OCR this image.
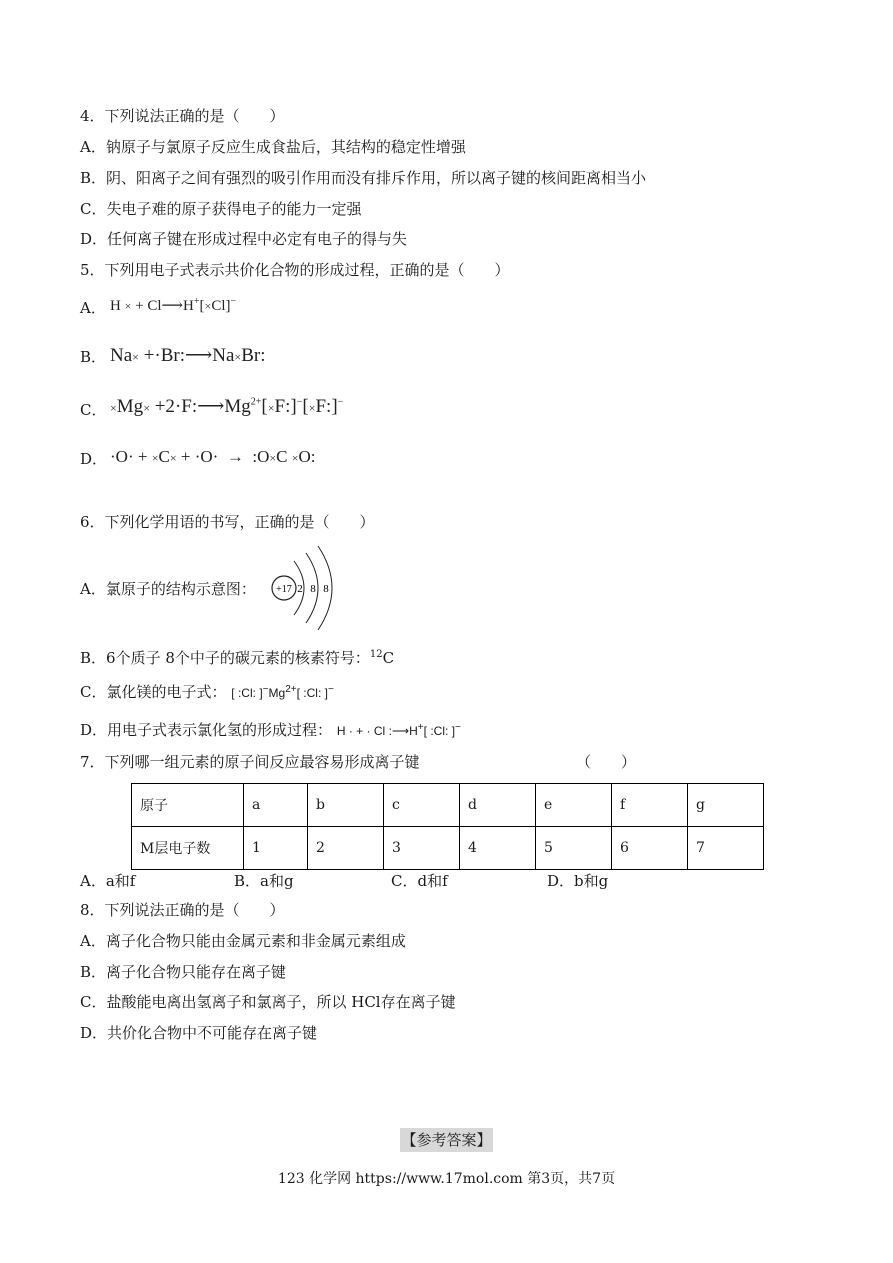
4．下列说法正确的是（　　）
A．钠原子与氯原子反应生成食盐后，其结构的稳定性增强
B．阴、阳离子之间有强烈的吸引作用而没有排斥作用，所以离子键的核间距离相当小
C．失电子难的原子获得电子的能力一定强
D．任何离子键在形成过程中必定有电子的得与失
5．下列用电子式表示共价化合物的形成过程，正确的是（　　）
A． H × + Cl⟶H+[×Cl]−
B． Na× +·Br:⟶Na×Br:
C． $\times Mg\times +2\cdot F:⟶Mg^{2+}[\times F:]^-[\times F:]^-$
D． ·O· + ×C× + ·O·  →  :O×C ×O:
6．下列化学用语的书写，正确的是（　　）
A．氯原子的结构示意图： +17 2 8 8
B．6个质子 8个中子的碳元素的核素符号：$^{12}$C
C．氯化镁的电子式： [ :Cl: ]$^-Mg^{2+}$[ :Cl: ]−
D．用电子式表示氯化氢的形成过程： H · + · Cl :⟶H+[ :Cl: ]−
7．下列哪一组元素的原子间反应最容易形成离子键	（　　）
原子	a	b	c	d	e	f	g
M层电子数	1	2	3	4	5	6	7
A．a和f	B．a和g	C．d和f	D．b和g
8．下列说法正确的是（　　）
A．离子化合物只能由金属元素和非金属元素组成
B．离子化合物只能存在离子键
C．盐酸能电离出氢离子和氯离子，所以 HCl存在离子键
D．共价化合物中不可能存在离子键
【参考答案】
123 化学网 https://www.17mol.com 第3页，共7页
